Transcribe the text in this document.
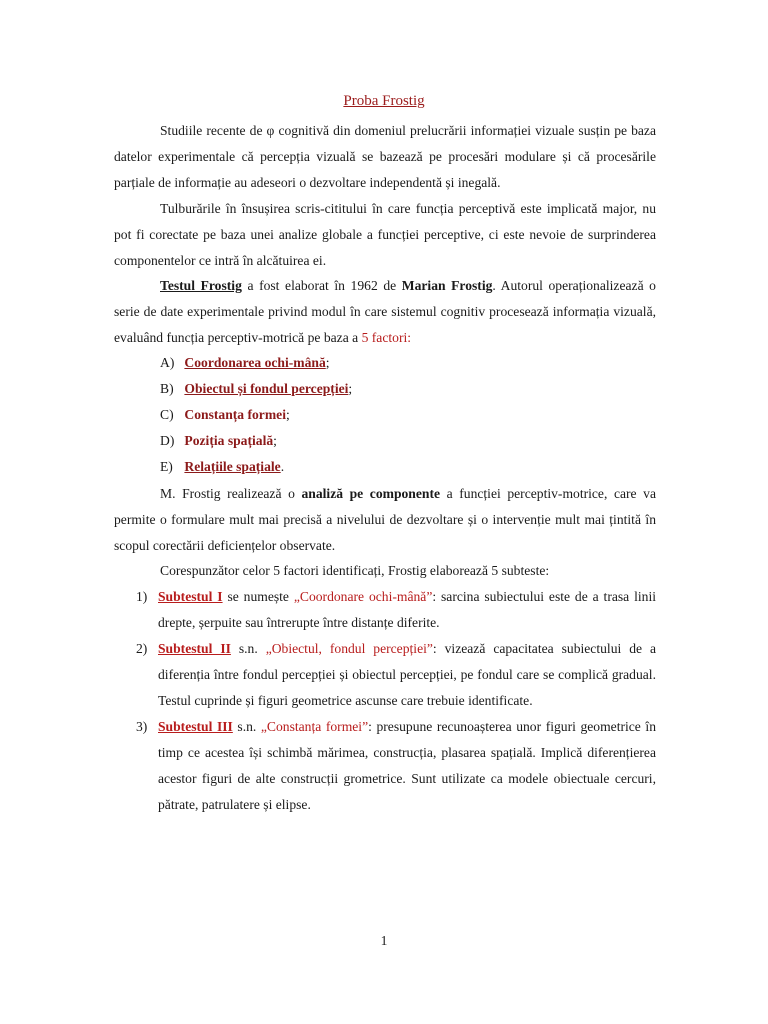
Proba Frostig

Studiile recente de φ cognitivă din domeniul prelucrării informației vizuale susțin pe baza datelor experimentale că percepția vizuală se bazează pe procesări modulare și că procesările parțiale de informație au adeseori o dezvoltare independentă și inegală.

Tulburările în însușirea scris-cititului în care funcția perceptivă este implicată major, nu pot fi corectate pe baza unei analize globale a funcției perceptive, ci este nevoie de surprinderea componentelor ce intră în alcătuirea ei.

Testul Frostig a fost elaborat în 1962 de Marian Frostig. Autorul operaționalizează o serie de date experimentale privind modul în care sistemul cognitiv procesează informația vizuală, evaluând funcția perceptiv-motrică pe baza a 5 factori:

A) Coordonarea ochi-mână;
B) Obiectul și fondul percepției;
C) Constanța formei;
D) Poziția spațială;
E) Relațiile spațiale.

M. Frostig realizează o analiză pe componente a funcției perceptiv-motrice, care va permite o formulare mult mai precisă a nivelului de dezvoltare și o intervenție mult mai țintită în scopul corectării deficiențelor observate.

Corespunzător celor 5 factori identificați, Frostig elaborează 5 subteste:

1) Subtestul I se numește „Coordonare ochi-mână”: sarcina subiectului este de a trasa linii drepte, șerpuite sau întrerupte între distanțe diferite.
2) Subtestul II s.n. „Obiectul, fondul percepției”: vizează capacitatea subiectului de a diferenția între fondul percepției și obiectul percepției, pe fondul care se complică gradual. Testul cuprinde și figuri geometrice ascunse care trebuie identificate.
3) Subtestul III s.n. „Constanța formei”: presupune recunoașterea unor figuri geometrice în timp ce acestea își schimbă mărimea, construcția, plasarea spațială. Implică diferențierea acestor figuri de alte construcții grometrice. Sunt utilizate ca modele obiectuale cercuri, pătrate, patrulatere și elipse.
1
